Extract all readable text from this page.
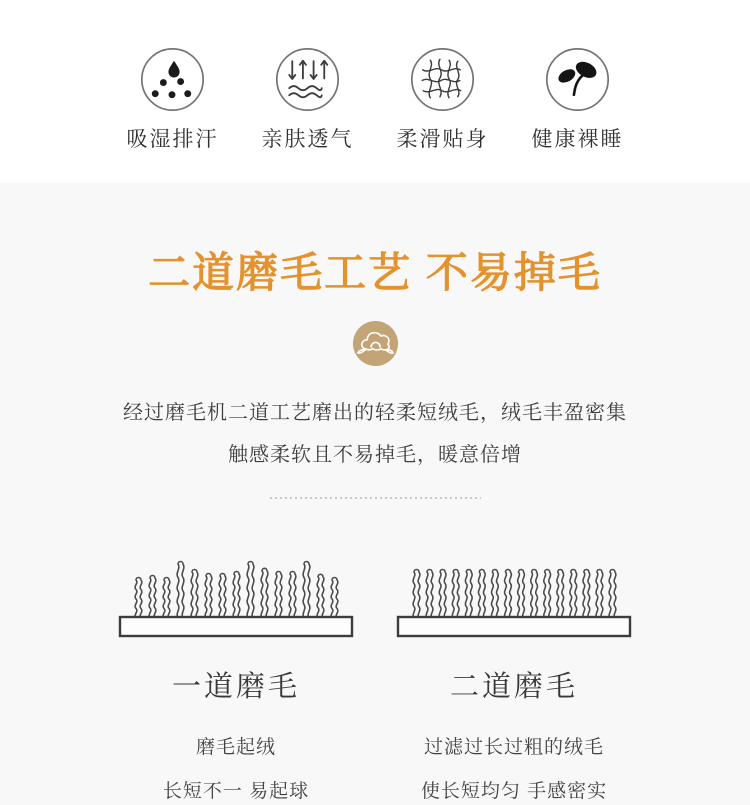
吸湿排汗 亲肤透气 柔滑贴身 健康裸睡
二道磨毛工艺 不易掉毛
经过磨毛机二道工艺磨出的轻柔短绒毛，绒毛丰盈密集
触感柔软且不易掉毛，暖意倍增
一道磨毛
磨毛起绒
长短不一 易起球
二道磨毛
过滤过长过粗的绒毛
使长短均匀 手感密实
